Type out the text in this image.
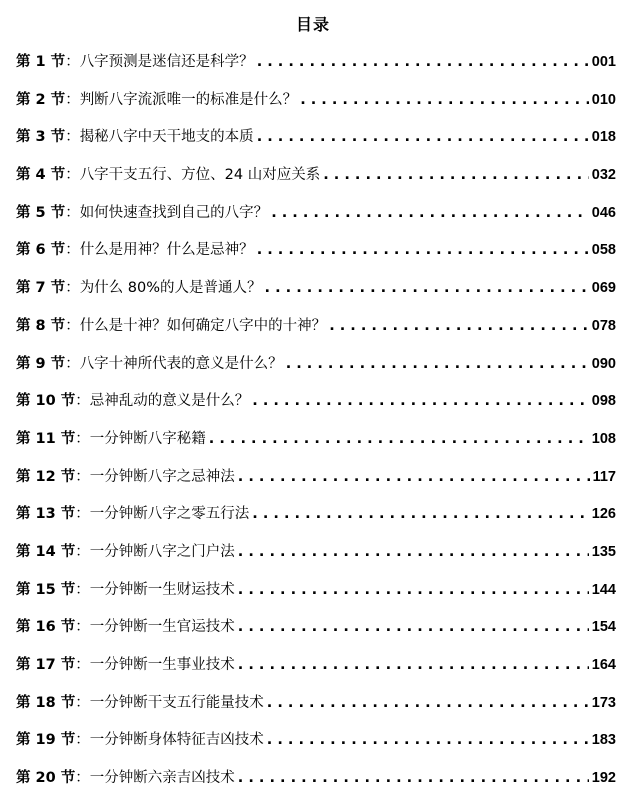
目录
第 1 节 ： 八字预测是迷信还是科学？ . . .	001
第 2 节 ： 判断八字流派唯一的标准是什么？ . . .	010
第 3 节 ： 揭秘八字中天干地支的本质 . . .	018
第 4 节 ： 八字干支五行、方位、24 山对应关系 . . .	032
第 5 节 ： 如何快速查找到自己的八字？ . . .	046
第 6 节 ： 什么是用神？什么是忌神？ . . .	058
第 7 节 ： 为什么 80%的人是普通人？ . . .	069
第 8 节 ： 什么是十神？如何确定八字中的十神？ . . .	078
第 9 节 ： 八字十神所代表的意义是什么？ . . .	090
第 10 节 ： 忌神乱动的意义是什么？ . . .	098
第 11 节 ： 一分钟断八字秘籍 . . .	108
第 12 节 ： 一分钟断八字之忌神法 . . .	117
第 13 节 ： 一分钟断八字之零五行法 . . .	126
第 14 节 ： 一分钟断八字之门户法 . . .	135
第 15 节 ： 一分钟断一生财运技术 . . .	144
第 16 节 ： 一分钟断一生官运技术 . . .	154
第 17 节 ： 一分钟断一生事业技术 . . .	164
第 18 节 ： 一分钟断干支五行能量技术 . . .	173
第 19 节 ： 一分钟断身体特征吉凶技术 . . .	183
第 20 节 ： 一分钟断六亲吉凶技术 . . .	192
